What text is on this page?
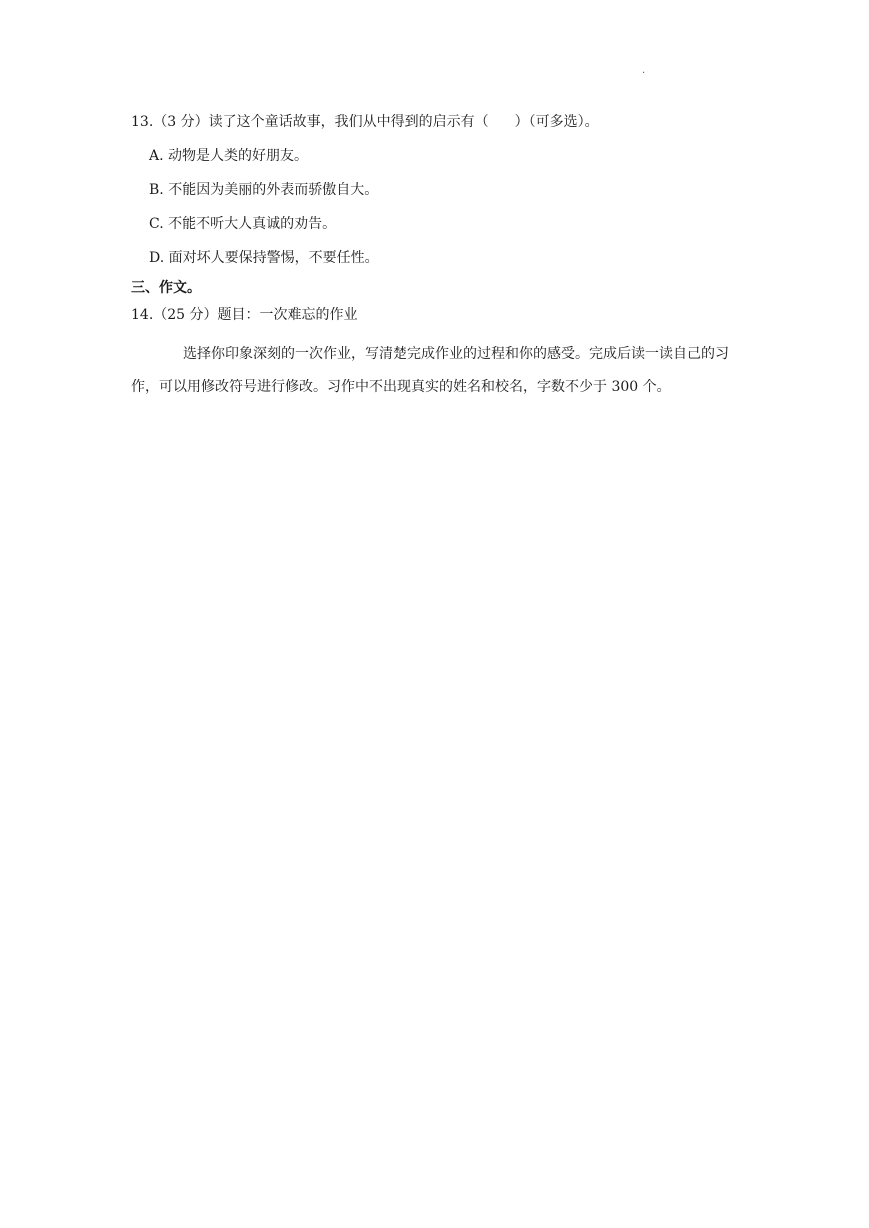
.
13.（3 分）读了这个童话故事，我们从中得到的启示有（ ）（可多选）。
A. 动物是人类的好朋友。
B. 不能因为美丽的外表而骄傲自大。
C. 不能不听大人真诚的劝告。
D. 面对坏人要保持警惕，不要任性。
三、作文。
14.（25 分）题目：一次难忘的作业
选择你印象深刻的一次作业，写清楚完成作业的过程和你的感受。完成后读一读自己的习作，可以用修改符号进行修改。习作中不出现真实的姓名和校名，字数不少于 300 个。
